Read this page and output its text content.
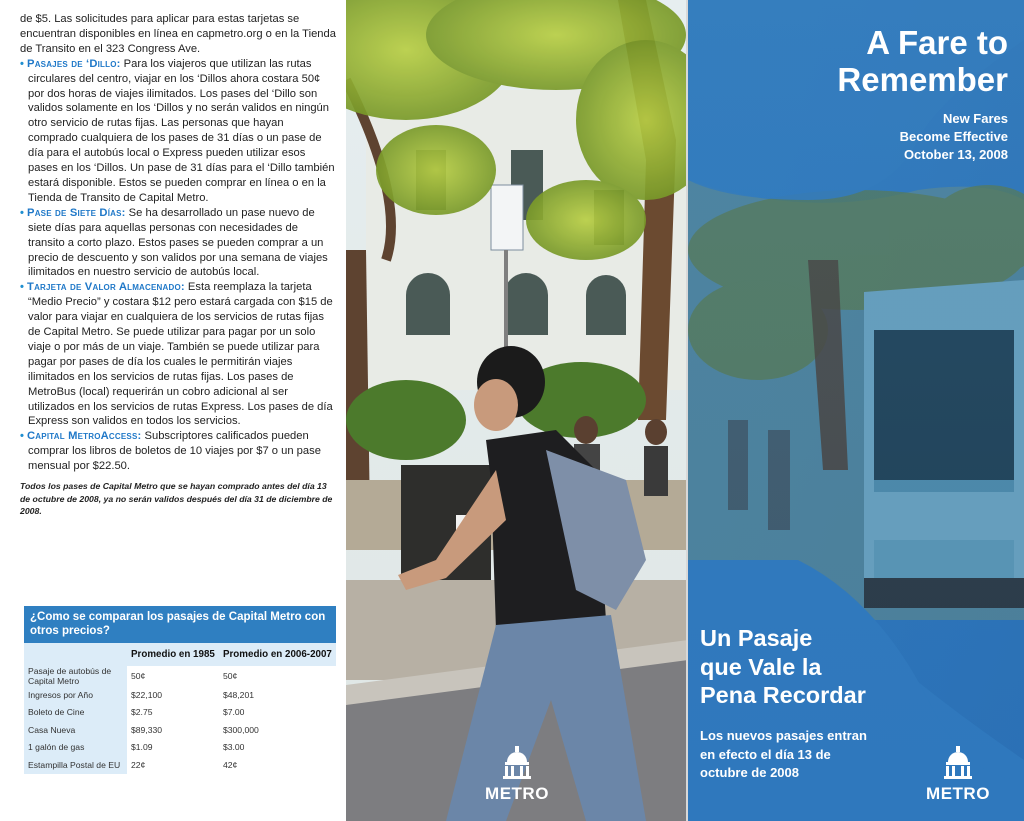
de $5. Las solicitudes para aplicar para estas tarjetas se encuentran disponibles en línea en capmetro.org o en la Tienda de Transito en el 323 Congress Ave.

• Pasajes de ‘Dillo: Para los viajeros que utilizan las rutas circulares del centro, viajar en los ‘Dillos ahora costara 50¢ por dos horas de viajes ilimitados. Los pases del ‘Dillo son validos solamente en los ‘Dillos y no serán validos en ningún otro servicio de rutas fijas. Las personas que hayan comprado cualquiera de los pases de 31 días o un pase de día para el autobús local o Express pueden utilizar esos pases en los ‘Dillos. Un pase de 31 días para el ‘Dillo también estará disponible. Estos se pueden comprar en línea o en la Tienda de Transito de Capital Metro.

• Pase de Siete Días: Se ha desarrollado un pase nuevo de siete días para aquellas personas con necesidades de transito a corto plazo. Estos pases se pueden comprar a un precio de descuento y son validos por una semana de viajes ilimitados en nuestro servicio de autobús local.

• Tarjeta de Valor Almacenado: Esta reemplaza la tarjeta “Medio Precio” y costara $12 pero estará cargada con $15 de valor para viajar en cualquiera de los servicios de rutas fijas de Capital Metro. Se puede utilizar para pagar por un solo viaje o por más de un viaje. También se puede utilizar para pagar por pases de día los cuales le permitirán viajes ilimitados en los servicios de rutas fijas. Los pases de MetroBus (local) requerirán un cobro adicional al ser utilizados en los servicios de rutas Express. Los pases de día Express son validos en todos los servicios.

• Capital MetroAccess: Subscriptores calificados pueden comprar los libros de boletos de 10 viajes por $7 o un pase mensual por $22.50.

Todos los pases de Capital Metro que se hayan comprado antes del día 13 de octubre de 2008, ya no serán validos después del día 31 de diciembre de 2008.

¿Como se comparan los pasajes de Capital Metro con otros precios?
	Promedio en 1985	Promedio en 2006-2007
Pasaje de autobús de Capital Metro	50¢	50¢
Ingresos por Año	$22,100	$48,201
Boleto de Cine	$2.75	$7.00
Casa Nueva	$89,330	$300,000
1 galón de gas	$1.09	$3.00
Estampilla Postal de EU	22¢	42¢
METRO
A Fare to
Remember
New Fares
Become Effective
October 13, 2008
Un Pasaje
que Vale la
Pena Recordar
Los nuevos pasajes entran
en efecto el día 13 de
octubre de 2008
METRO
